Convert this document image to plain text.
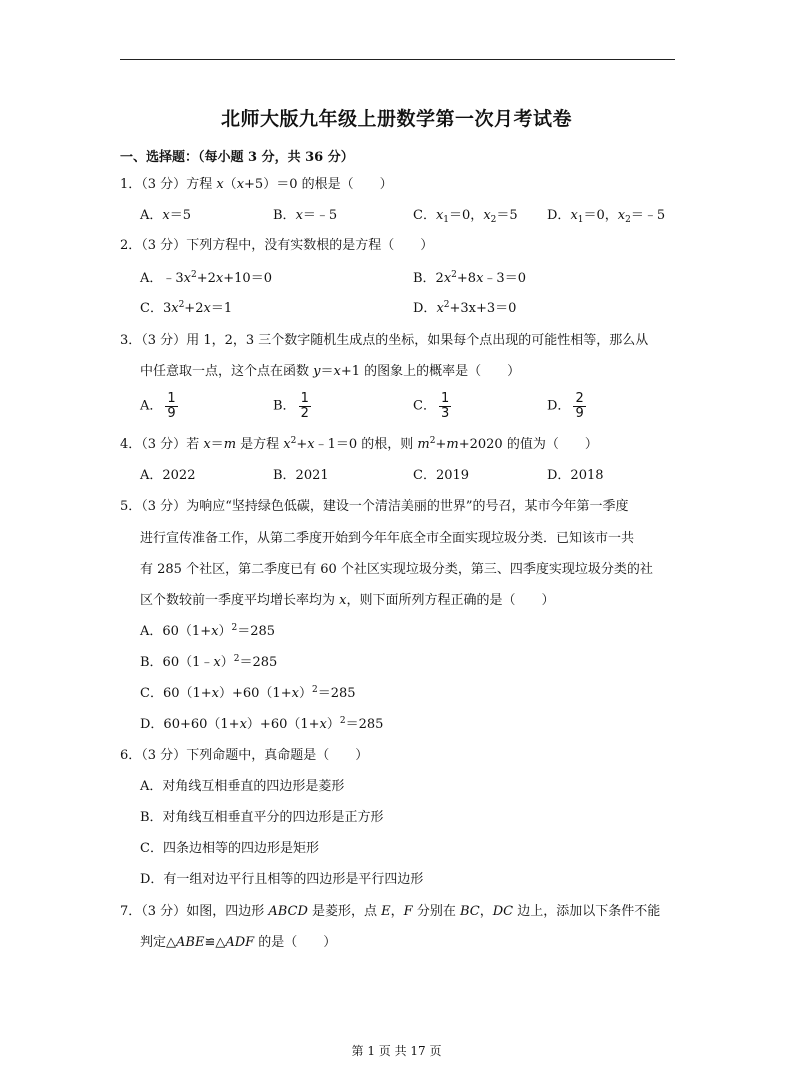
北师大版九年级上册数学第一次月考试卷
一、选择题：（每小题 3 分，共 36 分）
1．（3 分）方程 x（x+5）＝0 的根是（　　）
A．x＝5	B．x＝﹣5	C．$x_1=0$，$x_2=5$ D．$x_1=0$，$x_2=﹣5$
2．（3 分）下列方程中，没有实数根的是方程（　　）
A．$﹣3x^2+2x+10=0$	B．$2x^2+8x﹣3=0$
C．$3x^2+2x=1$	D．$x^2+3x+3=0$
3．（3 分）用 1，2，3 三个数字随机生成点的坐标，如果每个点出现的可能性相等，那么从
中任意取一点，这个点在函数 y＝x+1 的图象上的概率是（　　）
A． $\frac{1}{9}$	B． $\frac{1}{2}$	C． $\frac{1}{3}$	D． $\frac{2}{9}$
4．（3 分）若 x＝m 是方程 $x^2+x﹣1=0$ 的根，则 $m^2+m+2020$ 的值为（　　）
A．2022	B．2021	C．2019	D．2018
5．（3 分）为响应“坚持绿色低碳，建设一个清洁美丽的世界”的号召，某市今年第一季度
进行宣传准备工作，从第二季度开始到今年年底全市全面实现垃圾分类．已知该市一共
有 285 个社区，第二季度已有 60 个社区实现垃圾分类，第三、四季度实现垃圾分类的社
区个数较前一季度平均增长率均为 x，则下面所列方程正确的是（　　）
A．$60(1+x)^2=285$
B．60（1﹣x）$^2$＝285
C．$60(1+x)+60(1+x)^2=285$
D．$60+60(1+x)+60(1+x)^2=285$
6．（3 分）下列命题中，真命题是（　　）
A．对角线互相垂直的四边形是菱形
B．对角线互相垂直平分的四边形是正方形
C．四条边相等的四边形是矩形
D．有一组对边平行且相等的四边形是平行四边形
7．（3 分）如图，四边形 ABCD 是菱形，点 E，F 分别在 BC，DC 边上，添加以下条件不能
判定△ABE≌△ADF 的是（　　）
第 1 页 共 17 页
